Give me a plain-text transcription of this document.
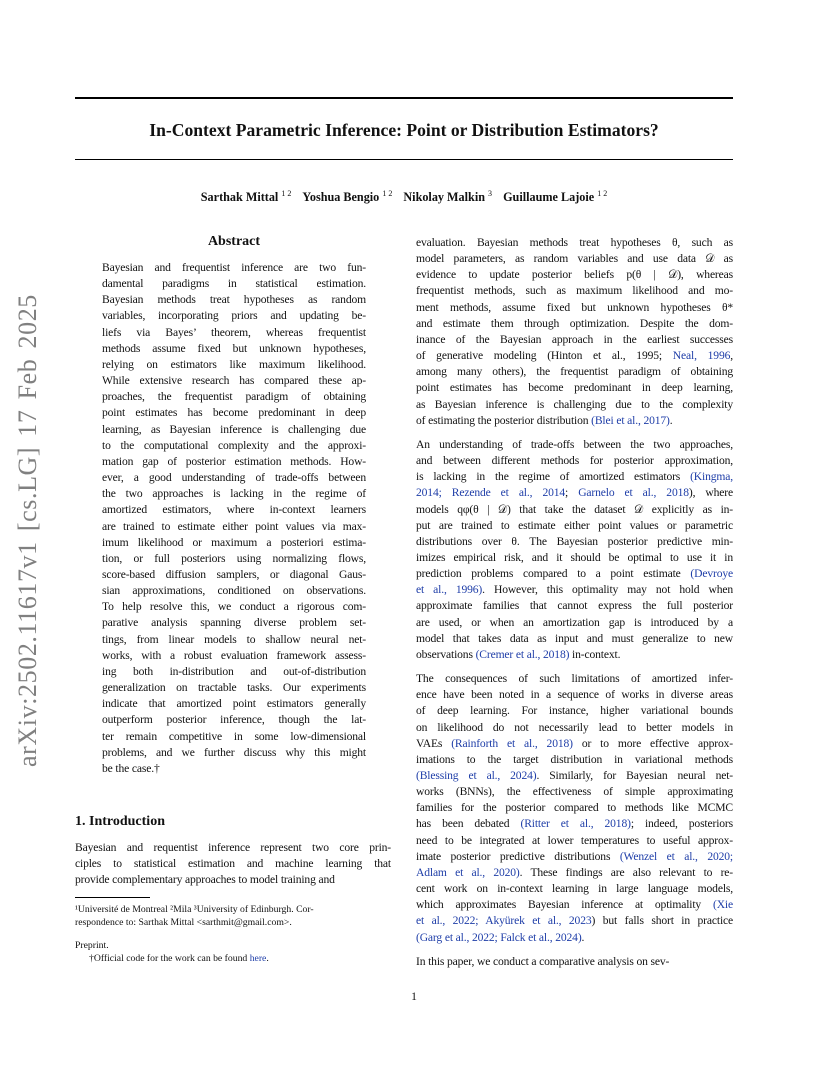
In-Context Parametric Inference: Point or Distribution Estimators?
Sarthak Mittal $^{1 2}$ Yoshua Bengio $^{1 2}$ Nikolay Malkin $^3$ Guillaume Lajoie $^{1 2}$
arXiv:2502.11617v1 [cs.LG] 17 Feb 2025
Abstract

Bayesian and frequentist inference are two fun-
damental paradigms in statistical estimation.
Bayesian methods treat hypotheses as random
variables, incorporating priors and updating be-
liefs via Bayes’ theorem, whereas frequentist
methods assume fixed but unknown hypotheses,
relying on estimators like maximum likelihood.
While extensive research has compared these ap-
proaches, the frequentist paradigm of obtaining
point estimates has become predominant in deep
learning, as Bayesian inference is challenging due
to the computational complexity and the approxi-
mation gap of posterior estimation methods. How-
ever, a good understanding of trade-offs between
the two approaches is lacking in the regime of
amortized estimators, where in-context learners
are trained to estimate either point values via max-
imum likelihood or maximum a posteriori estima-
tion, or full posteriors using normalizing flows,
score-based diffusion samplers, or diagonal Gaus-
sian approximations, conditioned on observations.
To help resolve this, we conduct a rigorous com-
parative analysis spanning diverse problem set-
tings, from linear models to shallow neural net-
works, with a robust evaluation framework assess-
ing both in-distribution and out-of-distribution
generalization on tractable tasks. Our experiments
indicate that amortized point estimators generally
outperform posterior inference, though the lat-
ter remain competitive in some low-dimensional
problems, and we further discuss why this might
be the case.†

1. Introduction

Bayesian and requentist inference represent two core prin-
ciples to statistical estimation and machine learning that
provide complementary approaches to model training and

evaluation. Bayesian methods treat hypotheses θ, such as
model parameters, as random variables and use data 𝒟 as
evidence to update posterior beliefs p(θ | 𝒟), whereas
frequentist methods, such as maximum likelihood and mo-
ment methods, assume fixed but unknown hypotheses θ*
and estimate them through optimization. Despite the dom-
inance of the Bayesian approach in the earliest successes
of generative modeling (Hinton et al., 1995; Neal, 1996,
among many others), the frequentist paradigm of obtaining
point estimates has become predominant in deep learning,
as Bayesian inference is challenging due to the complexity
of estimating the posterior distribution (Blei et al., 2017).

An understanding of trade-offs between the two approaches,
and between different methods for posterior approximation,
is lacking in the regime of amortized estimators (Kingma,
2014; Rezende et al., 2014; Garnelo et al., 2018), where
models qφ(θ | 𝒟) that take the dataset 𝒟 explicitly as in-
put are trained to estimate either point values or parametric
distributions over θ. The Bayesian posterior predictive min-
imizes empirical risk, and it should be optimal to use it in
prediction problems compared to a point estimate (Devroye
et al., 1996). However, this optimality may not hold when
approximate families that cannot express the full posterior
are used, or when an amortization gap is introduced by a
model that takes data as input and must generalize to new
observations (Cremer et al., 2018) in-context.

The consequences of such limitations of amortized infer-
ence have been noted in a sequence of works in diverse areas
of deep learning. For instance, higher variational bounds
on likelihood do not necessarily lead to better models in
VAEs (Rainforth et al., 2018) or to more effective approx-
imations to the target distribution in variational methods
(Blessing et al., 2024). Similarly, for Bayesian neural net-
works (BNNs), the effectiveness of simple approximating
families for the posterior compared to methods like MCMC
has been debated (Ritter et al., 2018); indeed, posteriors
need to be integrated at lower temperatures to useful approx-
imate posterior predictive distributions (Wenzel et al., 2020;
Adlam et al., 2020). These findings are also relevant to re-
cent work on in-context learning in large language models,
which approximates Bayesian inference at optimality (Xie
et al., 2022; Akyürek et al., 2023) but falls short in practice
(Garg et al., 2022; Falck et al., 2024).

In this paper, we conduct a comparative analysis on sev-

¹Université de Montreal ²Mila ³University of Edinburgh. Cor-
respondence to: Sarthak Mittal <sarthmit@gmail.com>.

Preprint.

†Official code for the work can be found here.

1
